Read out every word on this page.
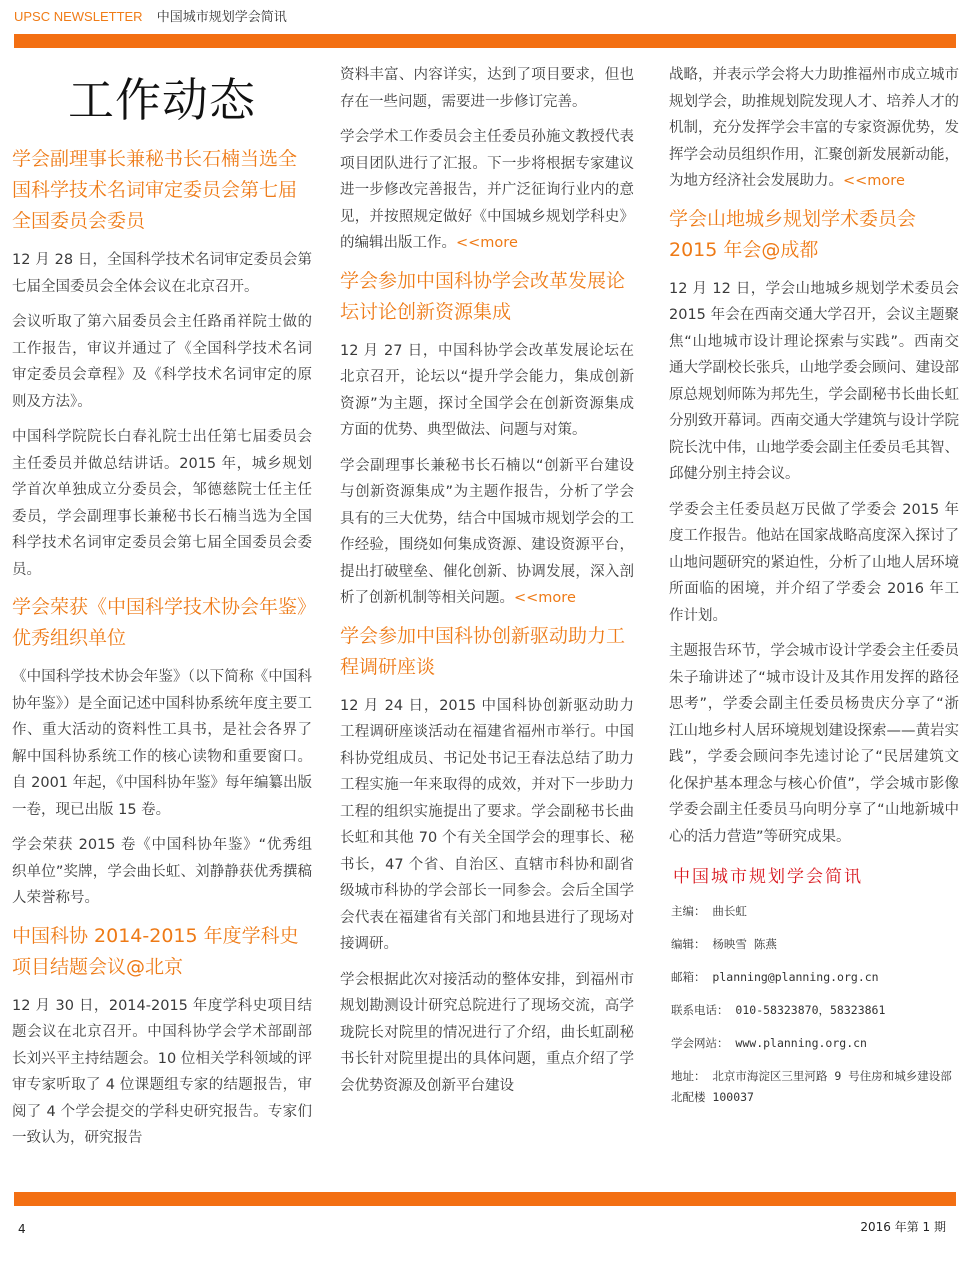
UPSC NEWSLETTER 中国城市规划学会简讯
工作动态
学会副理事长兼秘书长石楠当选全国科学技术名词审定委员会第七届全国委员会委员

12 月 28 日，全国科学技术名词审定委员会第七届全国委员会全体会议在北京召开。

会议听取了第六届委员会主任路甬祥院士做的工作报告，审议并通过了《全国科学技术名词审定委员会章程》及《科学技术名词审定的原则及方法》。

中国科学院院长白春礼院士出任第七届委员会主任委员并做总结讲话。2015 年，城乡规划学首次单独成立分委员会，邹德慈院士任主任委员，学会副理事长兼秘书长石楠当选为全国科学技术名词审定委员会第七届全国委员会委员。

学会荣获《中国科学技术协会年鉴》优秀组织单位

《中国科学技术协会年鉴》（以下简称《中国科协年鉴》）是全面记述中国科协系统年度主要工作、重大活动的资料性工具书，是社会各界了解中国科协系统工作的核心读物和重要窗口。自 2001 年起，《中国科协年鉴》每年编纂出版一卷，现已出版 15 卷。

学会荣获 2015 卷《中国科协年鉴》“优秀组织单位”奖牌，学会曲长虹、刘静静获优秀撰稿人荣誉称号。

中国科协 2014-2015 年度学科史项目结题会议@北京

12 月 30 日，2014-2015 年度学科史项目结题会议在北京召开。中国科协学会学术部副部长刘兴平主持结题会。10 位相关学科领域的评审专家听取了 4 位课题组专家的结题报告，审阅了 4 个学会提交的学科史研究报告。专家们一致认为，研究报告

资料丰富、内容详实，达到了项目要求，但也存在一些问题，需要进一步修订完善。

学会学术工作委员会主任委员孙施文教授代表项目团队进行了汇报。下一步将根据专家建议进一步修改完善报告，并广泛征询行业内的意见，并按照规定做好《中国城乡规划学科史》的编辑出版工作。<<more

学会参加中国科协学会改革发展论坛讨论创新资源集成

12 月 27 日，中国科协学会改革发展论坛在北京召开，论坛以“提升学会能力，集成创新资源”为主题，探讨全国学会在创新资源集成方面的优势、典型做法、问题与对策。

学会副理事长兼秘书长石楠以“创新平台建设与创新资源集成”为主题作报告，分析了学会具有的三大优势，结合中国城市规划学会的工作经验，围绕如何集成资源、建设资源平台，提出打破壁垒、催化创新、协调发展，深入剖析了创新机制等相关问题。<<more

学会参加中国科协创新驱动助力工程调研座谈

12 月 24 日，2015 中国科协创新驱动助力工程调研座谈活动在福建省福州市举行。中国科协党组成员、书记处书记王春法总结了助力工程实施一年来取得的成效，并对下一步助力工程的组织实施提出了要求。学会副秘书长曲长虹和其他 70 个有关全国学会的理事长、秘书长，47 个省、自治区、直辖市科协和副省级城市科协的学会部长一同参会。会后全国学会代表在福建省有关部门和地县进行了现场对接调研。

学会根据此次对接活动的整体安排，到福州市规划勘测设计研究总院进行了现场交流，高学珑院长对院里的情况进行了介绍，曲长虹副秘书长针对院里提出的具体问题，重点介绍了学会优势资源及创新平台建设

战略，并表示学会将大力助推福州市成立城市规划学会，助推规划院发现人才、培养人才的机制，充分发挥学会丰富的专家资源优势，发挥学会动员组织作用，汇聚创新发展新动能，为地方经济社会发展助力。<<more

学会山地城乡规划学术委员会 2015 年会@成都

12 月 12 日，学会山地城乡规划学术委员会 2015 年会在西南交通大学召开，会议主题聚焦“山地城市设计理论探索与实践”。西南交通大学副校长张兵，山地学委会顾问、建设部原总规划师陈为邦先生，学会副秘书长曲长虹分别致开幕词。西南交通大学建筑与设计学院院长沈中伟，山地学委会副主任委员毛其智、邱健分别主持会议。

学委会主任委员赵万民做了学委会 2015 年度工作报告。他站在国家战略高度深入探讨了山地问题研究的紧迫性，分析了山地人居环境所面临的困境，并介绍了学委会 2016 年工作计划。

主题报告环节，学会城市设计学委会主任委员朱子瑜讲述了“城市设计及其作用发挥的路径思考”，学委会副主任委员杨贵庆分享了“浙江山地乡村人居环境规划建设探索——黄岩实践”，学委会顾问李先逵讨论了“民居建筑文化保护基本理念与核心价值”，学会城市影像学委会副主任委员马向明分享了“山地新城中心的活力营造”等研究成果。

中国城市规划学会简讯
主编： 曲长虹
编辑： 杨映雪 陈燕
邮箱： planning@planning.org.cn
联系电话： 010-58323870，58323861
学会网站： www.planning.org.cn
地址： 北京市海淀区三里河路 9 号住房和城乡建设部北配楼 100037
4	2016 年第 1 期
